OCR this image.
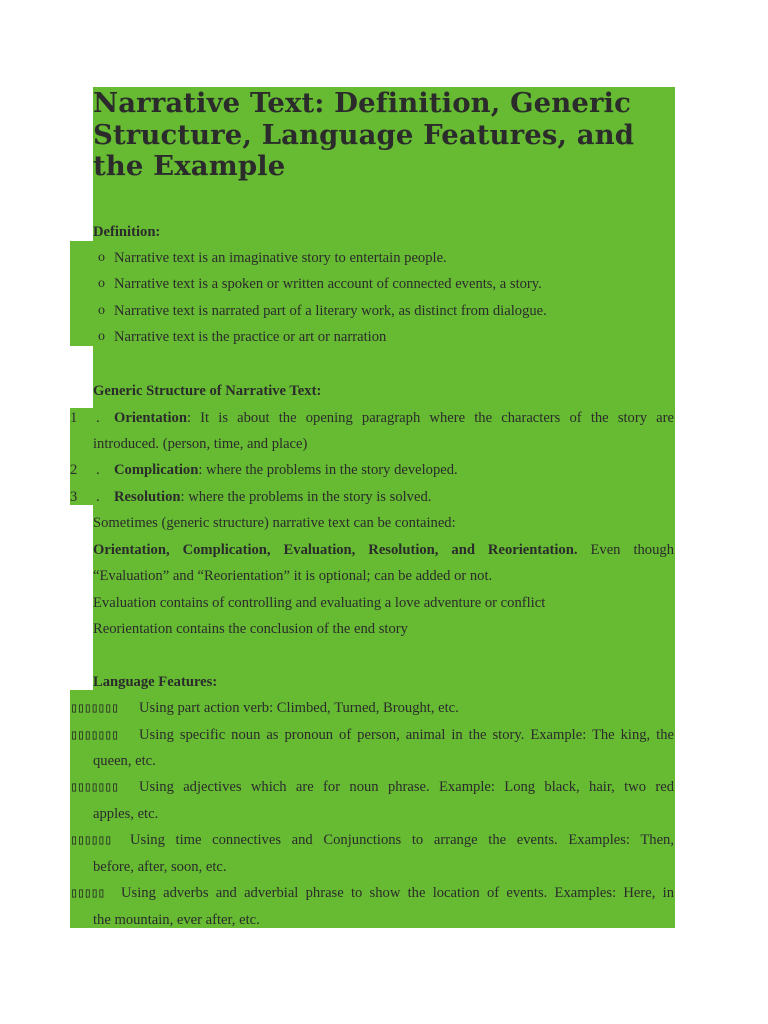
Narrative Text: Definition, Generic Structure, Language Features, and the Example
Definition:
o Narrative text is an imaginative story to entertain people.
o Narrative text is a spoken or written account of connected events, a story.
o Narrative text is narrated part of a literary work, as distinct from dialogue.
o Narrative text is the practice or art or narration
Generic Structure of Narrative Text:
1 . Orientation: It is about the opening paragraph where the characters of the story are
introduced. (person, time, and place)
2 . Complication: where the problems in the story developed.
3 . Resolution: where the problems in the story is solved.
Sometimes (generic structure) narrative text can be contained:
Orientation, Complication, Evaluation, Resolution, and Reorientation. Even though
“Evaluation” and “Reorientation” it is optional; can be added or not.
Evaluation contains of controlling and evaluating a love adventure or conflict
Reorientation contains the conclusion of the end story
Language Features:
▯▯▯▯▯▯▯ Using part action verb: Climbed, Turned, Brought, etc.
▯▯▯▯▯▯▯ Using specific noun as pronoun of person, animal in the story. Example: The king, the
queen, etc.
▯▯▯▯▯▯▯ Using adjectives which are for noun phrase. Example: Long black, hair, two red
apples, etc.
▯▯▯▯▯▯ Using time connectives and Conjunctions to arrange the events. Examples: Then,
before, after, soon, etc.
▯▯▯▯▯ Using adverbs and adverbial phrase to show the location of events. Examples: Here, in
the mountain, ever after, etc.
